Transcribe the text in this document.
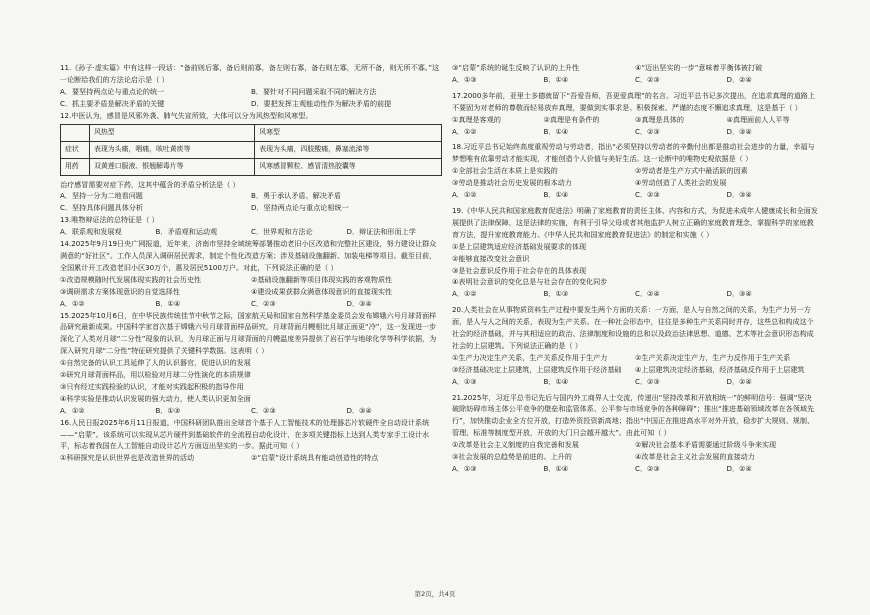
11.《孙子·虚实篇》中有这样一段话：“备前则后寡，备后则前寡，备左则右寡，备右则左寡，无所不备，则无所不寡。”这一论断给我们的方法论启示是（ ）

A．要坚持两点论与重点论的统一	B．要针对不同问题采取不同的解决方法
C．抓主要矛盾是解决矛盾的关键	D．要把发挥主观能动性作为解决矛盾的前提

12.中医认为，感冒是风邪外袭、肺气失宣所致，大体可以分为风热型和风寒型。

	风热型	风寒型
症状	表现为头痛，咽痛，咳吐黄痰等	表现为头痛，四肢酸痛，鼻塞流涕等
用药	双黄莲口服液、银翘解毒片等	风寒感冒颗粒、感冒清热胶囊等

治疗感冒需要对症下药，这其中蕴含的矛盾分析法是（ ）

A．坚持一分为二地看问题	B．勇于承认矛盾、解决矛盾
C．坚持具体问题具体分析	D．坚持两点论与重点论相统一

13.唯物辩证法的总特征是（ ）

A．联系观和发展观	B．矛盾观和运动观	C．世界观和方法论	D．辩证法和形而上学

14.2025年9月19日央广网报道，近年来，济南市坚持全域统筹部署推动老旧小区改造和完整社区建设，努力建设让群众满意的“好社区”。工作人员深入调研居民需求，制定个性化改造方案；涉及基础设施翻新、加装电梯等项目。截至目前，全国累计开工改造老旧小区30万个，惠及居民5100万户。对此，下列说法正确的是（ ）

①改造规模随时代发展体现实践的社会历史性	②基础设施翻新等项目体现实践的客观物质性
③调研需求方案体现意识的自觉选择性	④建设成果获群众满意体现意识的直接现实性
A．①②	B．①④	C．②③	D．③④

15.2025年10月6日，在中华民族传统佳节中秋节之际，国家航天局和国家自然科学基金委员会发布嫦娥六号月球背面样品研究最新成果。中国科学家首次基于嫦娥六号月球背面样品研究，月球背面月幔相比月球正面更“冷”，这一发现进一步深化了人类对月球“二分性”现象的认识，为月球正面与月球背面的月幔温度差异提供了岩石学与地球化学等科学依据，为深入研究月球“二分性”特征研究提供了关键科学数据。这表明（ ）

①自然完备的认识工具延伸了人的认识器官，促进认识的发展
②研究月球背面样品，用以检验对月球二分性演化的本质规律
③只有经过实践检验的认识，才能对实践起积极的指导作用
④科学实验是推动认识发展的强大动力，使人类认识更加全面
A．①②	B．①③	C．②③	D．③④

16.人民日报2025年6月11日报道，中国科研团队推出全球首个基于人工智能技术的处理器芯片软硬件全自动设计系统——“启蒙”。该系统可以实现从芯片硬件到基础软件的全流程自动化设计，在多项关键指标上达到人类专家手工设计水平，标志着我国在人工智能自动设计芯片方面迈出坚实的一步。据此可知（ ）

①科研探究是认识世界也是改造世界的活动	②“启蒙”设计系统具有能动创造性的特点
③“启蒙”系统的诞生反映了认识的上升性	④“迈出坚实的一步”意味着平衡体被打破
A．①③	B．①④	C．②③	D．②④

17.2000多年前，亚里士多德就留下“吾爱吾师，吾更爱真理”的名言。习近平总书记多次提出，在追求真理的道路上不要固为对老师的尊敬而轻易放弃真理，要做到实事求是、积极探索、严谨的态度不懈追求真理，这是基于（ ）

①真理是客观的	②真理是有条件的	③真理是具体的	④真理面前人人平等
A．①②	B．①④	C．②③	D．③④

18.习近平总书记始终高度重视劳动与劳动者，指出“必须坚持以劳动者的辛勤付出都是推动社会进步的力量，幸福与梦想唯有依靠劳动才能实现，才能创造个人价值与美好生活。这一论断中的唯物史观依据是（ ）

①全部社会生活在本质上是实践的	②劳动者是生产方式中最活跃的因素
③劳动是推动社会历史发展的根本动力	④劳动创造了人类社会的发展
A．①②	B．①④	C．②③	D．③④

19.《中华人民共和国家庭教育促进法》明确了家庭教育的责任主体、内容和方式，为促进未成年人健康成长和全面发展提供了法律保障，这是法律的实施，有利于引导父母或者其他监护人树立正确的家庭教育理念，掌握科学的家庭教育方法，提升家庭教育能力。《中华人民共和国家庭教育促进法》的制定和实施（ ）

①是上层建筑适应经济基础发展要求的体现
②能够直接改变社会意识
③是社会意识反作用于社会存在的具体表现
④表明社会意识的变化总是与社会存在的变化同步
A．①②	B．①③	C．②④	D．③④

20.人类社会在从事物质资料生产过程中要发生两个方面的关系：一方面，是人与自然之间的关系，为生产力另一方面，是人与人之间的关系，表现为生产关系。在一种社会形态中，往往是多种生产关系同时并存，这些总和构成这个社会的经济基础，并与其相适应的政治、法律制度和设施的总和以及政治法律思想、道德、艺术等社会意识形态构成社会的上层建筑。下列说法正确的是（ ）

①生产力决定生产关系，生产关系反作用于生产力	②生产关系决定生产力，生产力反作用于生产关系
③经济基础决定上层建筑，上层建筑反作用于经济基础	④上层建筑决定经济基础，经济基础反作用于上层建筑
A．①③	B．①④	C．②③	D．②④

21.2025年，习近平总书记先后与国内外工商界人士交流，传递出“坚持改革和开放相统一”的鲜明信号：强调“坚决破除妨碍市场主体公平竞争的壁垒和监管体系、公平参与市场竞争的各种障碍”；推出“推进基础领域改革在各领域先行”，加快推动企业全方位开放，打造外资投资新高地；指出“中国正在推进高水平对外开放，稳步扩大规则、规制、管理、标准等制度型开放，开放的大门只会越开越大”。由此可知（ ）

①改革是社会主义制度的自我完善和发展	②解决社会基本矛盾需要通过阶级斗争来实现
③社会发展的总趋势是前进的、上升的	④改革是社会主义社会发展的直接动力
A．①③	B．①④	C．②③	D．②④
第2页，共4页
